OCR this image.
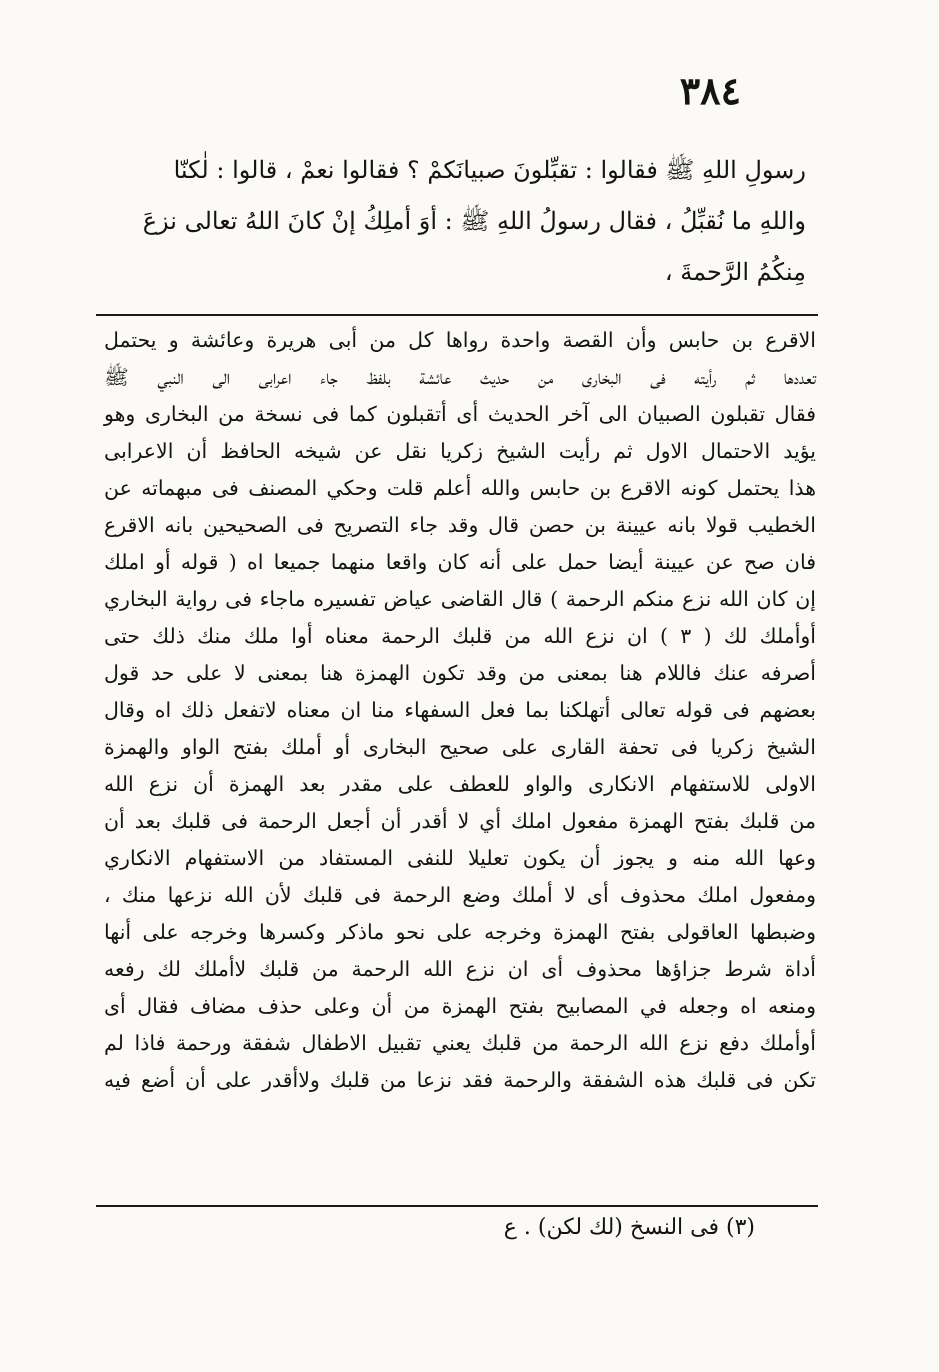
٣٨٤

رسولِ اللهِ ﷺ فقالوا : تقبِّلونَ صبيانَكمْ ؟ فقالوا نعمْ ، قالوا : لٰكنّا

واللهِ ما نُقبِّلُ ، فقال رسولُ اللهِ ﷺ : أوَ أملِكُ إنْ كانَ اللهُ تعالى نزعَ

مِنكُمُ الرَّحمةَ ،

الاقرع بن حابس وأن القصة واحدة رواها كل من أبى هريرة وعائشة و يحتمل
تعددها ثم رأيته فى البخارى من حديث عائشة بلفظ جاء اعرابى الى النبي ﷺ
فقال تقبلون الصبيان الى آخر الحديث أى أتقبلون كما فى نسخة من البخارى وهو
يؤيد الاحتمال الاول ثم رأيت الشيخ زكريا نقل عن شيخه الحافظ أن الاعرابى
هذا يحتمل كونه الاقرع بن حابس والله أعلم قلت وحكي المصنف فى مبهماته عن
الخطيب قولا بانه عيينة بن حصن قال وقد جاء التصريح فى الصحيحين بانه الاقرع
فان صح عن عيينة أيضا حمل على أنه كان واقعا منهما جميعا اه ( قوله أو املك
إن كان الله نزع منكم الرحمة ) قال القاضى عياض تفسيره ماجاء فى رواية البخاري
أوأملك لك ( ٣ ) ان نزع الله من قلبك الرحمة معناه أوا ملك منك ذلك حتى
أصرفه عنك فاللام هنا بمعنى من وقد تكون الهمزة هنا بمعنى لا على حد قول
بعضهم فى قوله تعالى أتهلكنا بما فعل السفهاء منا ان معناه لاتفعل ذلك اه وقال
الشيخ زكريا فى تحفة القارى على صحيح البخارى أو أملك بفتح الواو والهمزة
الاولى للاستفهام الانكارى والواو للعطف على مقدر بعد الهمزة أن نزع الله
من قلبك بفتح الهمزة مفعول املك أي لا أقدر أن أجعل الرحمة فى قلبك بعد أن
وعها الله منه و يجوز أن يكون تعليلا للنفى المستفاد من الاستفهام الانكاري
ومفعول املك محذوف أى لا أملك وضع الرحمة فى قلبك لأن الله نزعها منك ،
وضبطها العاقولى بفتح الهمزة وخرجه على نحو ماذكر وكسرها وخرجه على أنها
أداة شرط جزاؤها محذوف أى ان نزع الله الرحمة من قلبك لاأملك لك رفعه
ومنعه اه وجعله في المصابيح بفتح الهمزة من أن وعلى حذف مضاف فقال أى
أوأملك دفع نزع الله الرحمة من قلبك يعني تقبيل الاطفال شفقة ورحمة فاذا لم
تكن فى قلبك هذه الشفقة والرحمة فقد نزعا من قلبك ولاأقدر على أن أضع فيه

(٣) فى النسخ (لك لكن) . ع
